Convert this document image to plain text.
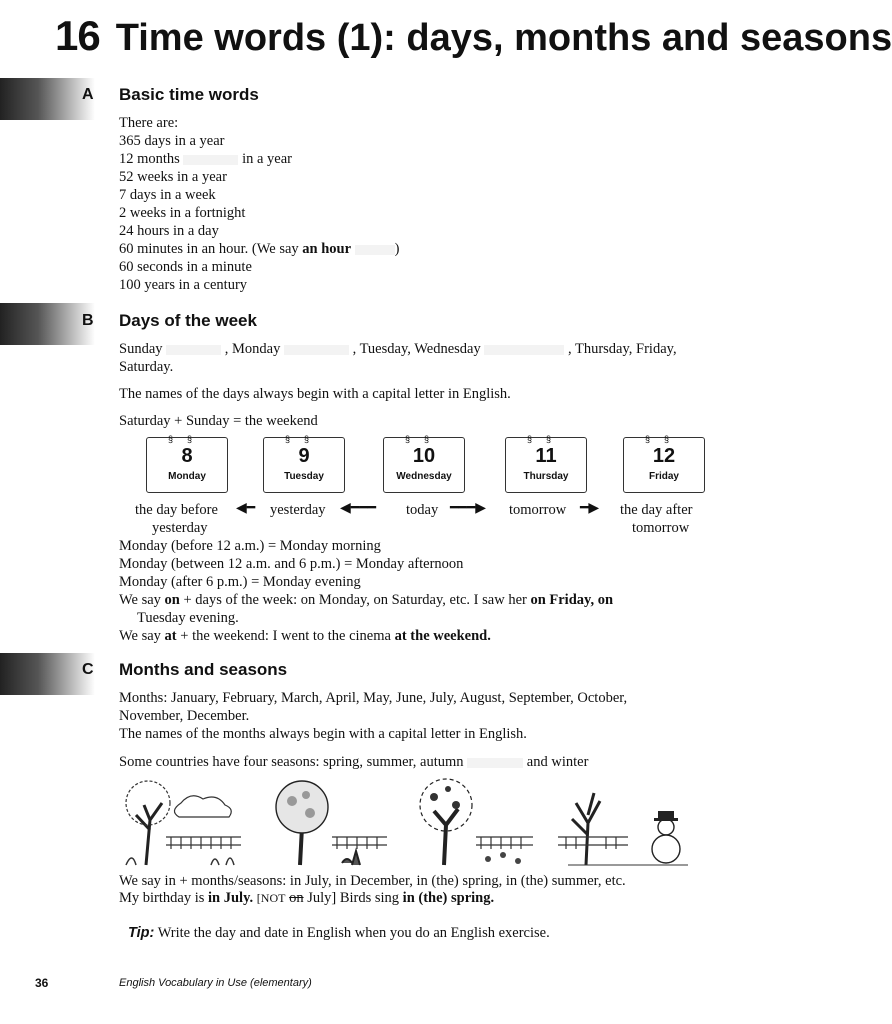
16 Time words (1): days, months and seasons
A Basic time words
There are:
365 days in a year
12 months	in a year
52 weeks in a year
7 days in a week
2 weeks in a fortnight
24 hours in a day
60 minutes in an hour. (We say an hour	)
60 seconds in a minute
100 years in a century
B Days of the week
Sunday	, Monday	, Tuesday, Wednesday	, Thursday, Friday,
Saturday.
The names of the days always begin with a capital letter in English.
Saturday + Sunday = the weekend
§§
8
Monday
§§
9
Tuesday
§§
10
Wednesday
§§
11
Thursday
§§
12
Friday
the day before
yesterday
◀━ yesterday ◀━━━ today ━━━▶ tomorrow ━▶ the day after
tomorrow
Monday (before 12 a.m.) = Monday morning
Monday (between 12 a.m. and 6 p.m.) = Monday afternoon
Monday (after 6 p.m.) = Monday evening
We say on + days of the week: on Monday, on Saturday, etc. I saw her on Friday, on
Tuesday evening.
We say at + the weekend: I went to the cinema at the weekend.
C Months and seasons
Months: January, February, March, April, May, June, July, August, September, October,
November, December.
The names of the months always begin with a capital letter in English.
Some countries have four seasons: spring, summer, autumn	and winter
We say in + months/seasons: in July, in December, in (the) spring, in (the) summer, etc.
My birthday is in July. [NOT on July] Birds sing in (the) spring.
Tip: Write the day and date in English when you do an English exercise.
36	English Vocabulary in Use (elementary)
